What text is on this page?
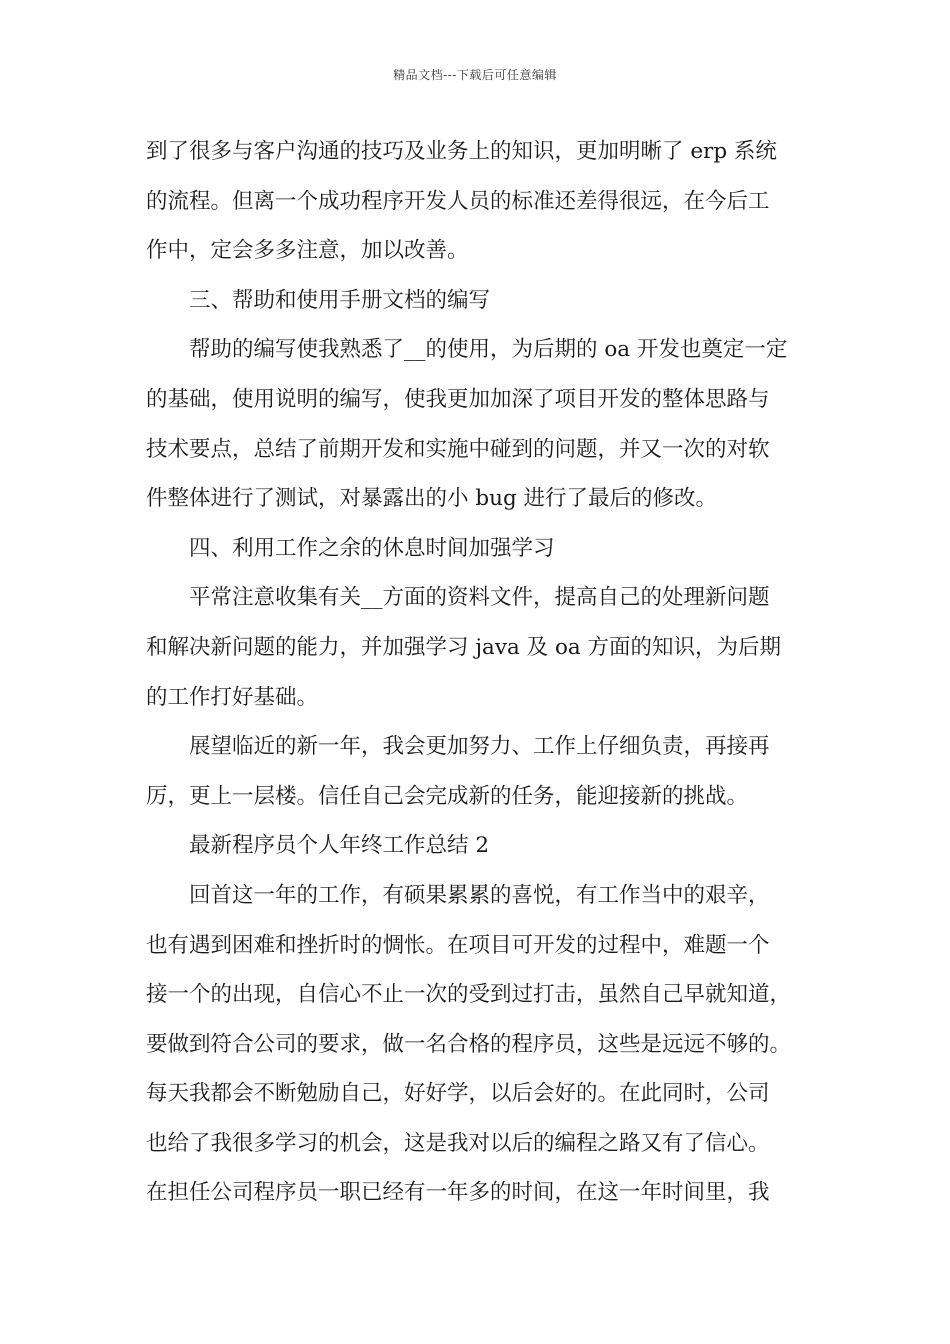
精品文档---下载后可任意编辑
到了很多与客户沟通的技巧及业务上的知识，更加明晰了 erp 系统
的流程。但离一个成功程序开发人员的标准还差得很远，在今后工
作中，定会多多注意，加以改善。
三、帮助和使用手册文档的编写
帮助的编写使我熟悉了__的使用，为后期的 oa 开发也奠定一定
的基础，使用说明的编写，使我更加加深了项目开发的整体思路与
技术要点，总结了前期开发和实施中碰到的问题，并又一次的对软
件整体进行了测试，对暴露出的小 bug 进行了最后的修改。
四、利用工作之余的休息时间加强学习
平常注意收集有关__方面的资料文件，提高自己的处理新问题
和解决新问题的能力，并加强学习 java 及 oa 方面的知识，为后期
的工作打好基础。
展望临近的新一年，我会更加努力、工作上仔细负责，再接再
厉，更上一层楼。信任自己会完成新的任务，能迎接新的挑战。
最新程序员个人年终工作总结 2
回首这一年的工作，有硕果累累的喜悦，有工作当中的艰辛，
也有遇到困难和挫折时的惆怅。在项目可开发的过程中，难题一个
接一个的出现，自信心不止一次的受到过打击，虽然自己早就知道，
要做到符合公司的要求，做一名合格的程序员，这些是远远不够的。
每天我都会不断勉励自己，好好学，以后会好的。在此同时，公司
也给了我很多学习的机会，这是我对以后的编程之路又有了信心。
在担任公司程序员一职已经有一年多的时间，在这一年时间里，我
